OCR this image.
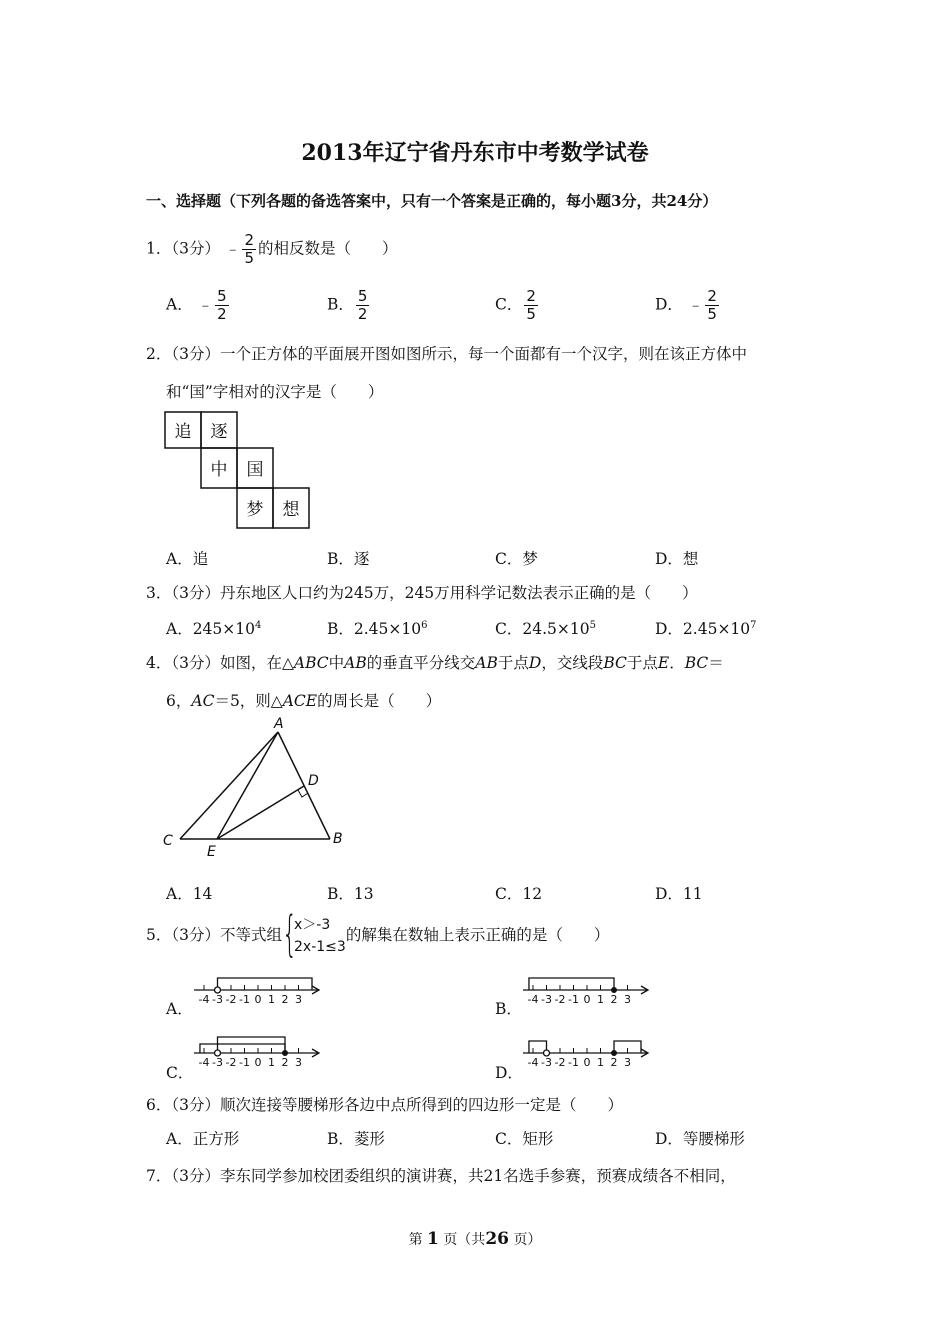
2013年辽宁省丹东市中考数学试卷
一、选择题（下列各题的备选答案中，只有一个答案是正确的，每小题3分，共24分）
1．（3分） ﹣ $\frac{2}{5}$ 的相反数是（　　）
A． ﹣ $\frac{5}{2}$	B． $\frac{5}{2}$	C． $\frac{2}{5}$	D． ﹣ $\frac{2}{5}$
2．（3分）一个正方体的平面展开图如图所示，每一个面都有一个汉字，则在该正方体中
和“国”字相对的汉字是（　　）
追 逐
中 国
梦 想
A．追	B．逐	C．梦	D．想
3．（3分）丹东地区人口约为245万，245万用科学记数法表示正确的是（　　）
A．$245\times 10^4$	B．$2.45\times 10^6$	C．$24.5\times 10^5$	D．$2.45\times 10^7$
4．（3分）如图，在△ABC中AB的垂直平分线交AB于点D，交线段BC于点E．BC＝
6，AC＝5，则△ACE的周长是（　　）
A
B
C
D
E
A．14	B．13	C．12	D．11
5．（3分）不等式组 {
x＞-3
2x-1≤3
的解集在数轴上表示正确的是（　　）
A．
-4 -3 -2 -1 0 1 2 3
B．
-4 -3 -2 -1 0 1 2 3
C．
-4 -3 -2 -1 0 1 2 3
D．
-4 -3 -2 -1 0 1 2 3
6．（3分）顺次连接等腰梯形各边中点所得到的四边形一定是（　　）
A．正方形	B．菱形	C．矩形	D．等腰梯形
7．（3分）李东同学参加校团委组织的演讲赛，共21名选手参赛，预赛成绩各不相同，
第 1 页（共26 页）
